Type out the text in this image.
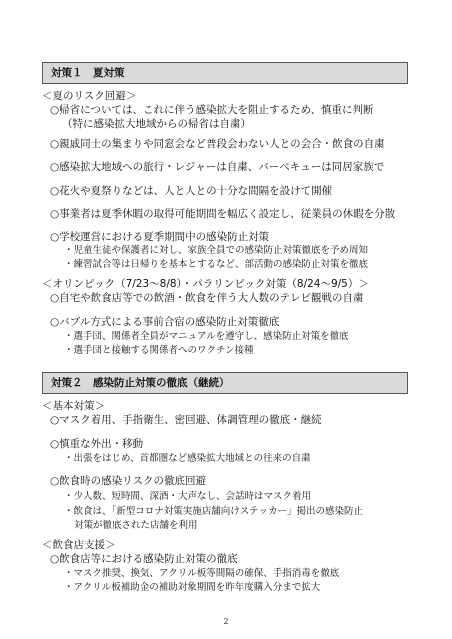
対策１　夏対策
＜夏のリスク回避＞
○帰省については、これに伴う感染拡大を阻止するため、慎重に判断
（特に感染拡大地域からの帰省は自粛）
○親戚同士の集まりや同窓会など普段会わない人との会合・飲食の自粛
○感染拡大地域への旅行・レジャーは自粛、バーベキューは同居家族で
○花火や夏祭りなどは、人と人との十分な間隔を設けて開催
○事業者は夏季休暇の取得可能期間を幅広く設定し、従業員の休暇を分散
○学校運営における夏季期間中の感染防止対策
・児童生徒や保護者に対し、家族全員での感染防止対策徹底を予め周知
・練習試合等は日帰りを基本とするなど、部活動の感染防止対策を徹底
＜オリンピック（7/23～8/8）・パラリンピック対策（8/24～9/5）＞
○自宅や飲食店等での飲酒・飲食を伴う大人数のテレビ観戦の自粛
○バブル方式による事前合宿の感染防止対策徹底
・選手団、関係者全員がマニュアルを遵守し、感染防止対策を徹底
・選手団と接触する関係者へのワクチン接種
対策２　感染防止対策の徹底（継続）
＜基本対策＞
○マスク着用、手指衛生、密回避、体調管理の徹底・継続
○慎重な外出・移動
・出張をはじめ、首都圏など感染拡大地域との往来の自粛
○飲食時の感染リスクの徹底回避
・少人数、短時間、深酒・大声なし、会話時はマスク着用
・飲食は、「新型コロナ対策実施店舗向けステッカー」掲出の感染防止
対策が徹底された店舗を利用
＜飲食店支援＞
○飲食店等における感染防止対策の徹底
・マスク推奨、換気、アクリル板等間隔の確保、手指消毒を徹底
・アクリル板補助金の補助対象期間を昨年度購入分まで拡大
2
